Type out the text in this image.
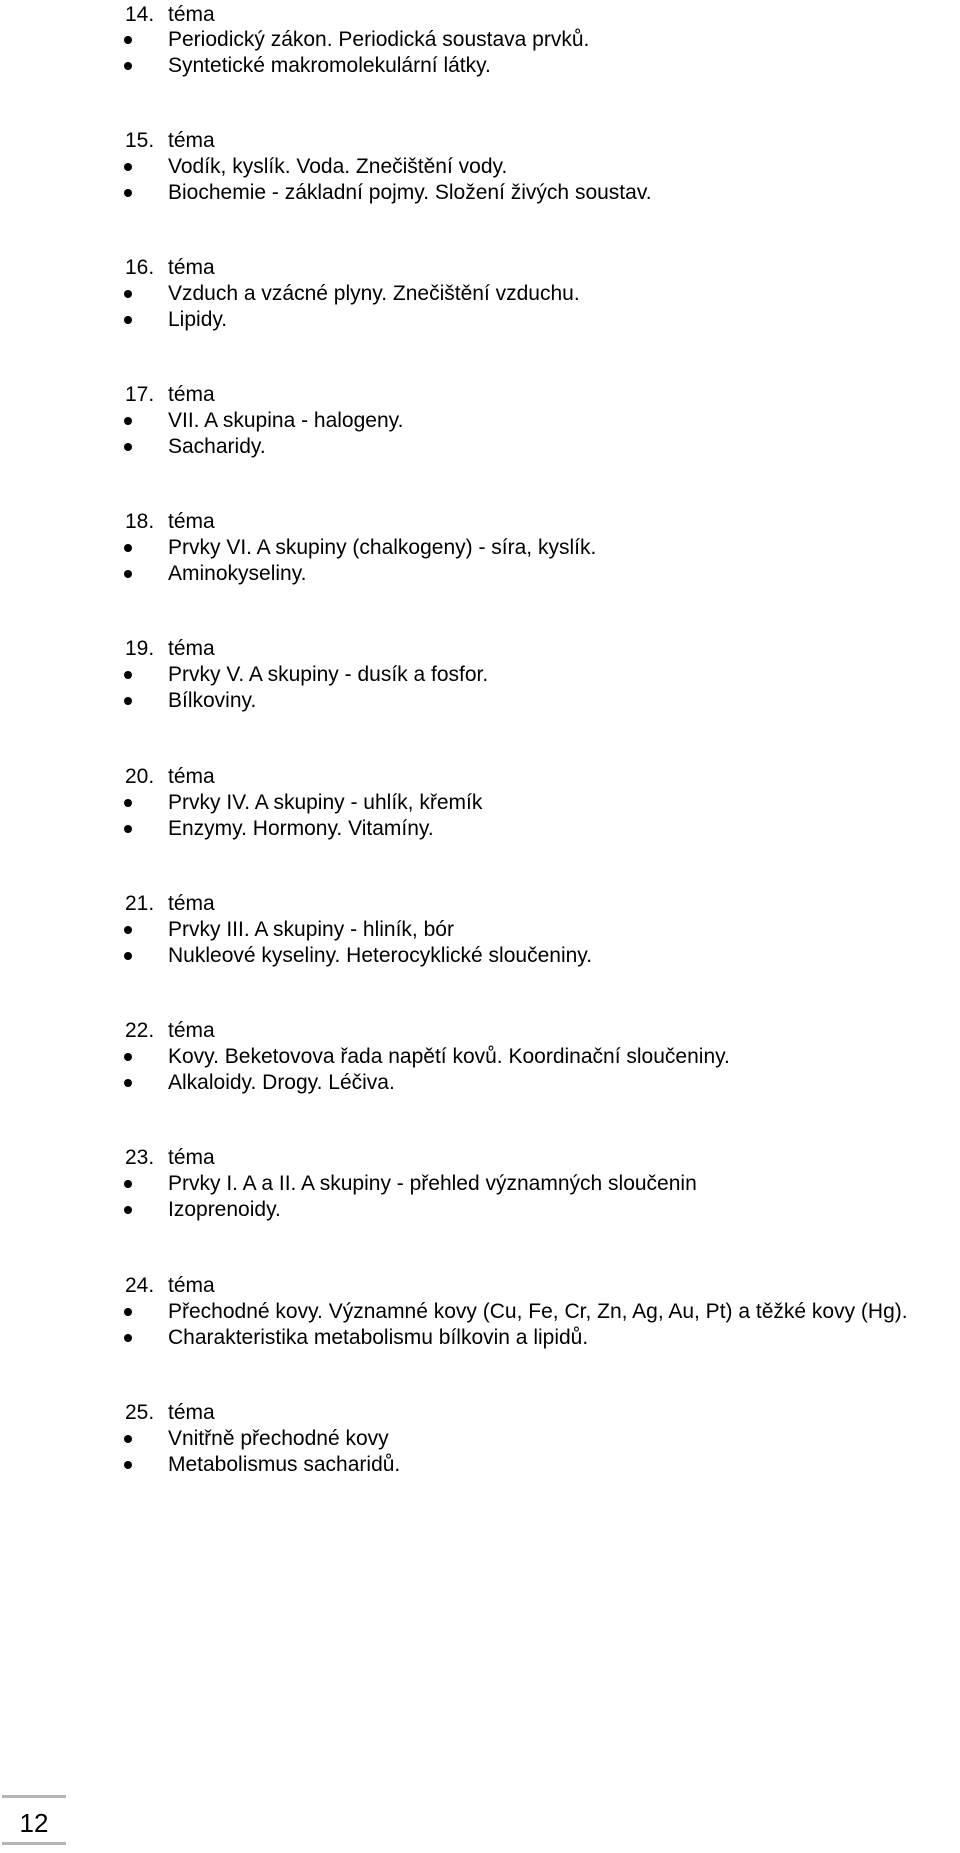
14. téma
Periodický zákon. Periodická soustava prvků.
Syntetické makromolekulární látky.
15. téma
Vodík, kyslík. Voda. Znečištění vody.
Biochemie - základní pojmy. Složení živých soustav.
16. téma
Vzduch a vzácné plyny. Znečištění vzduchu.
Lipidy.
17. téma
VII. A skupina - halogeny.
Sacharidy.
18. téma
Prvky VI. A skupiny (chalkogeny) - síra, kyslík.
Aminokyseliny.
19. téma
Prvky V. A skupiny - dusík a fosfor.
Bílkoviny.
20. téma
Prvky IV. A skupiny - uhlík, křemík
Enzymy. Hormony. Vitamíny.
21. téma
Prvky III. A skupiny - hliník, bór
Nukleové kyseliny. Heterocyklické sloučeniny.
22. téma
Kovy. Beketovova řada napětí kovů. Koordinační sloučeniny.
Alkaloidy. Drogy. Léčiva.
23. téma
Prvky I. A a II. A skupiny - přehled významných sloučenin
Izoprenoidy.
24. téma
Přechodné kovy. Významné kovy (Cu, Fe, Cr, Zn, Ag, Au, Pt) a těžké kovy (Hg).
Charakteristika metabolismu bílkovin a lipidů.
25. téma
Vnitřně přechodné kovy
Metabolismus sacharidů.
12
